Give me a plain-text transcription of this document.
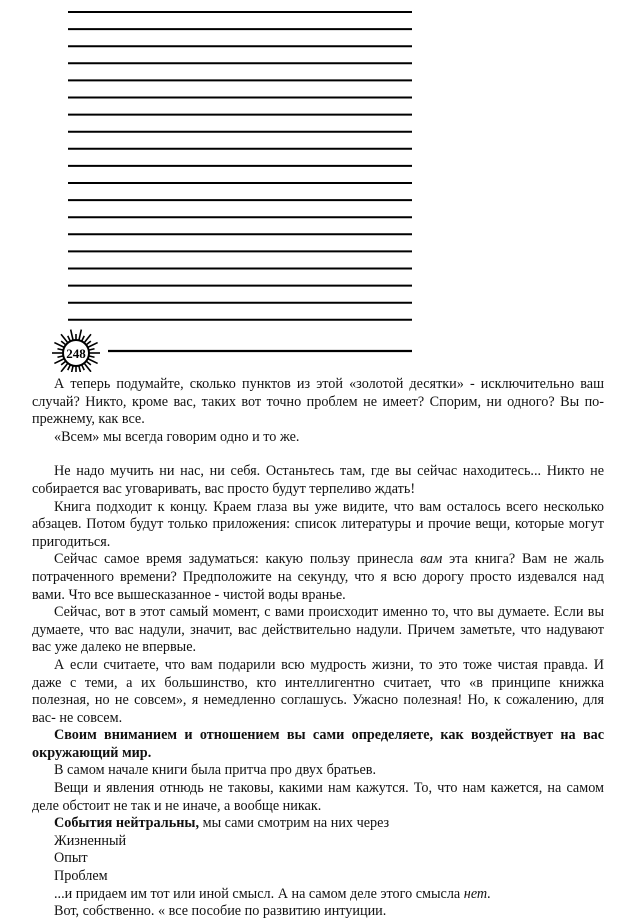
248

А теперь подумайте, сколько пунктов из этой «золотой десятки» - исключительно ваш случай? Никто, кроме вас, таких вот точно проблем не имеет? Спорим, ни одного? Вы по-прежнему, как все.

«Всем» мы всегда говорим одно и то же.

Не надо мучить ни нас, ни себя. Останьтесь там, где вы сейчас находитесь... Никто не собирается вас уговаривать, вас просто будут терпеливо ждать!

Книга подходит к концу. Краем глаза вы уже видите, что вам осталось всего несколько абзацев. Потом будут только приложения: список литературы и прочие вещи, которые могут пригодиться.

Сейчас самое время задуматься: какую пользу принесла вам эта книга? Вам не жаль потраченного времени? Предположите на секунду, что я всю дорогу просто издевался над вами. Что все вышесказанное - чистой воды вранье.

Сейчас, вот в этот самый момент, с вами происходит именно то, что вы думаете. Если вы думаете, что вас надули, значит, вас действительно надули. Причем заметьте, что надувают вас уже далеко не впервые.

А если считаете, что вам подарили всю мудрость жизни, то это тоже чистая правда. И даже с теми, а их большинство, кто интеллигентно считает, что «в принципе книжка полезная, но не совсем», я немедленно соглашусь. Ужасно полезная! Но, к сожалению, для вас- не совсем.

Своим вниманием и отношением вы сами определяете, как воздействует на вас окружающий мир.

В самом начале книги была притча про двух братьев.

Вещи и явления отнюдь не таковы, какими нам кажутся. То, что нам кажется, на самом деле обстоит не так и не иначе, а вообще никак.

События нейтральны, мы сами смотрим на них через

Жизненный

Опыт

Проблем

...и придаем им тот или иной смысл. А на самом деле этого смысла нет.

Вот, собственно. « все пособие по развитию интуиции.
